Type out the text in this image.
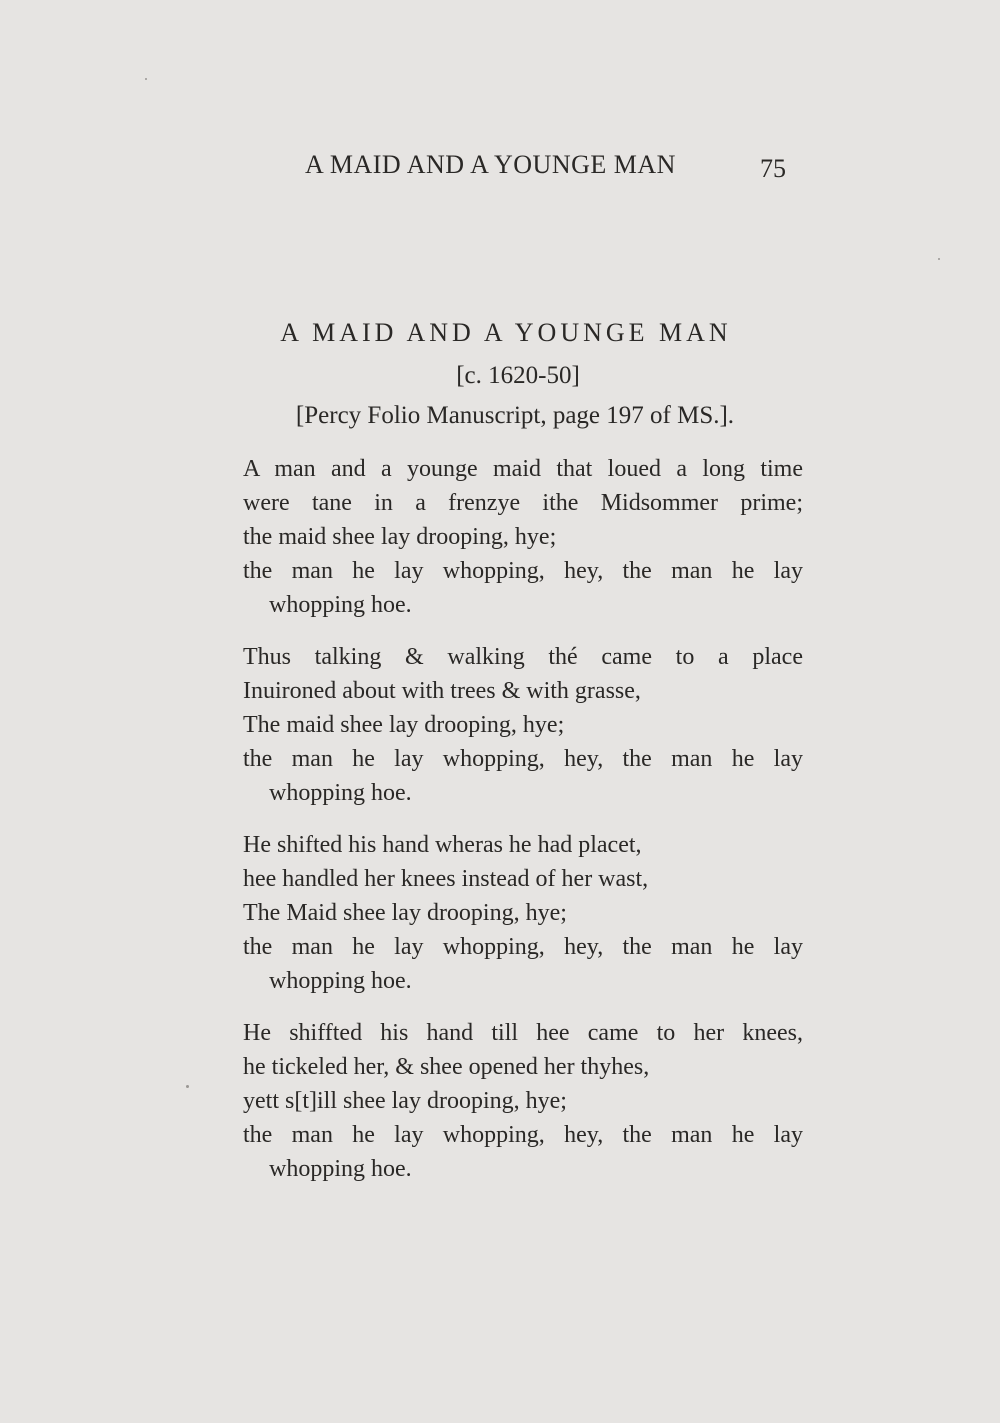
A MAID AND A YOUNGE MAN	75
A MAID AND A YOUNGE MAN
[c. 1620-50]
[Percy Folio Manuscript, page 197 of MS.].
A man and a younge maid that loued a long time
were tane in a frenzye ithe Midsommer prime;
the maid shee lay drooping, hye;
the man he lay whopping, hey, the man he lay
whopping hoe.
Thus talking & walking thé came to a place
Inuironed about with trees & with grasse,
The maid shee lay drooping, hye;
the man he lay whopping, hey, the man he lay
whopping hoe.
He shifted his hand wheras he had placet,
hee handled her knees instead of her wast,
The Maid shee lay drooping, hye;
the man he lay whopping, hey, the man he lay
whopping hoe.
He shiffted his hand till hee came to her knees,
he tickeled her, & shee opened her thyhes,
yett s[t]ill shee lay drooping, hye;
the man he lay whopping, hey, the man he lay
whopping hoe.
